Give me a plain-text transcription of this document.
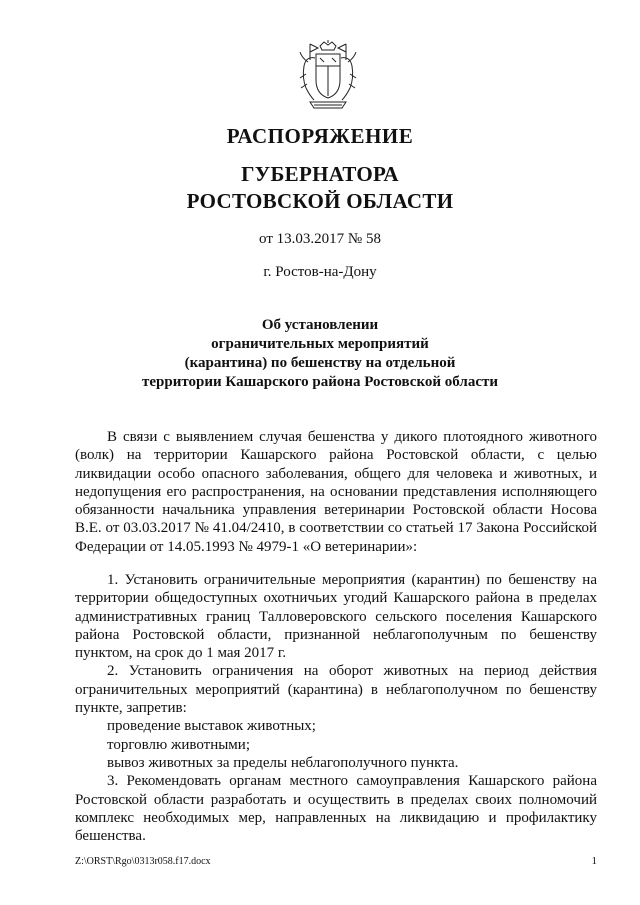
РАСПОРЯЖЕНИЕ
ГУБЕРНАТОРА
РОСТОВСКОЙ ОБЛАСТИ
от 13.03.2017 № 58
г. Ростов-на-Дону
Об установлении
ограничительных мероприятий
(карантина) по бешенству на отдельной
территории Кашарского района Ростовской области

В связи с выявлением случая бешенства у дикого плотоядного животного (волк) на территории Кашарского района Ростовской области, с целью ликвидации особо опасного заболевания, общего для человека и животных, и недопущения его распространения, на основании представления исполняющего обязанности начальника управления ветеринарии Ростовской области Носова В.Е. от 03.03.2017 № 41.04/2410, в соответствии со статьей 17 Закона Российской Федерации от 14.05.1993 № 4979-1 «О ветеринарии»:

1. Установить ограничительные мероприятия (карантин) по бешенству на территории общедоступных охотничьих угодий Кашарского района в пределах административных границ Талловеровского сельского поселения Кашарского района Ростовской области, признанной неблагополучным по бешенству пунктом, на срок до 1 мая 2017 г.

2. Установить ограничения на оборот животных на период действия ограничительных мероприятий (карантина) в неблагополучном по бешенству пункте, запретив:

проведение выставок животных;

торговлю животными;

вывоз животных за пределы неблагополучного пункта.

3. Рекомендовать органам местного самоуправления Кашарского района Ростовской области разработать и осуществить в пределах своих полномочий комплекс необходимых мер, направленных на ликвидацию и профилактику бешенства.

Z:\ORST\Rgo\0313r058.f17.docx	1
